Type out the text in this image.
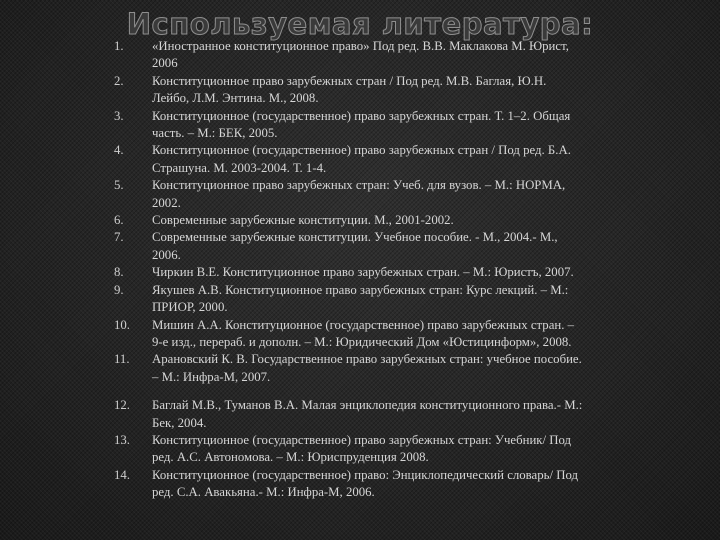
Используемая литература:
1.	«Иностранное конституционное право» Под ред. В.В. Маклакова М. Юрист, 2006
2.	Конституционное право зарубежных стран / Под ред. М.В. Баглая, Ю.Н. Лейбо, Л.М. Энтина. М., 2008.
3.	Конституционное (государственное) право зарубежных стран. Т. 1–2. Общая часть. – М.: БЕК, 2005.
4.	Конституционное (государственное) право зарубежных стран / Под ред. Б.А. Страшуна. М. 2003-2004. Т. 1-4.
5.	Конституционное право зарубежных стран: Учеб. для вузов. – М.: НОРМА, 2002.
6.	Современные зарубежные конституции. М., 2001-2002.
7.	Современные зарубежные конституции. Учебное пособие. - М., 2004.- М., 2006.
8.	Чиркин В.Е. Конституционное право зарубежных стран. – М.: Юристъ, 2007.
9.	Якушев А.В. Конституционное право зарубежных стран: Курс лекций. – М.: ПРИОР, 2000.
10.	Мишин А.А. Конституционное (государственное) право зарубежных стран. – 9-е изд., перераб. и дополн. – М.: Юридический Дом «Юстицинформ», 2008.
11.	Арановский К. В. Государственное право зарубежных стран: учебное пособие. – М.: Инфра-М, 2007.
12.	Баглай М.В., Туманов В.А. Малая энциклопедия конституционного права.- М.: Бек, 2004.
13.	Конституционное (государственное) право зарубежных стран: Учебник/ Под ред. А.С. Автономова. – М.: Юриспруденция 2008.
14.	Конституционное (государственное) право: Энциклопедический словарь/ Под ред. С.А. Авакьяна.- М.: Инфра-М, 2006.
